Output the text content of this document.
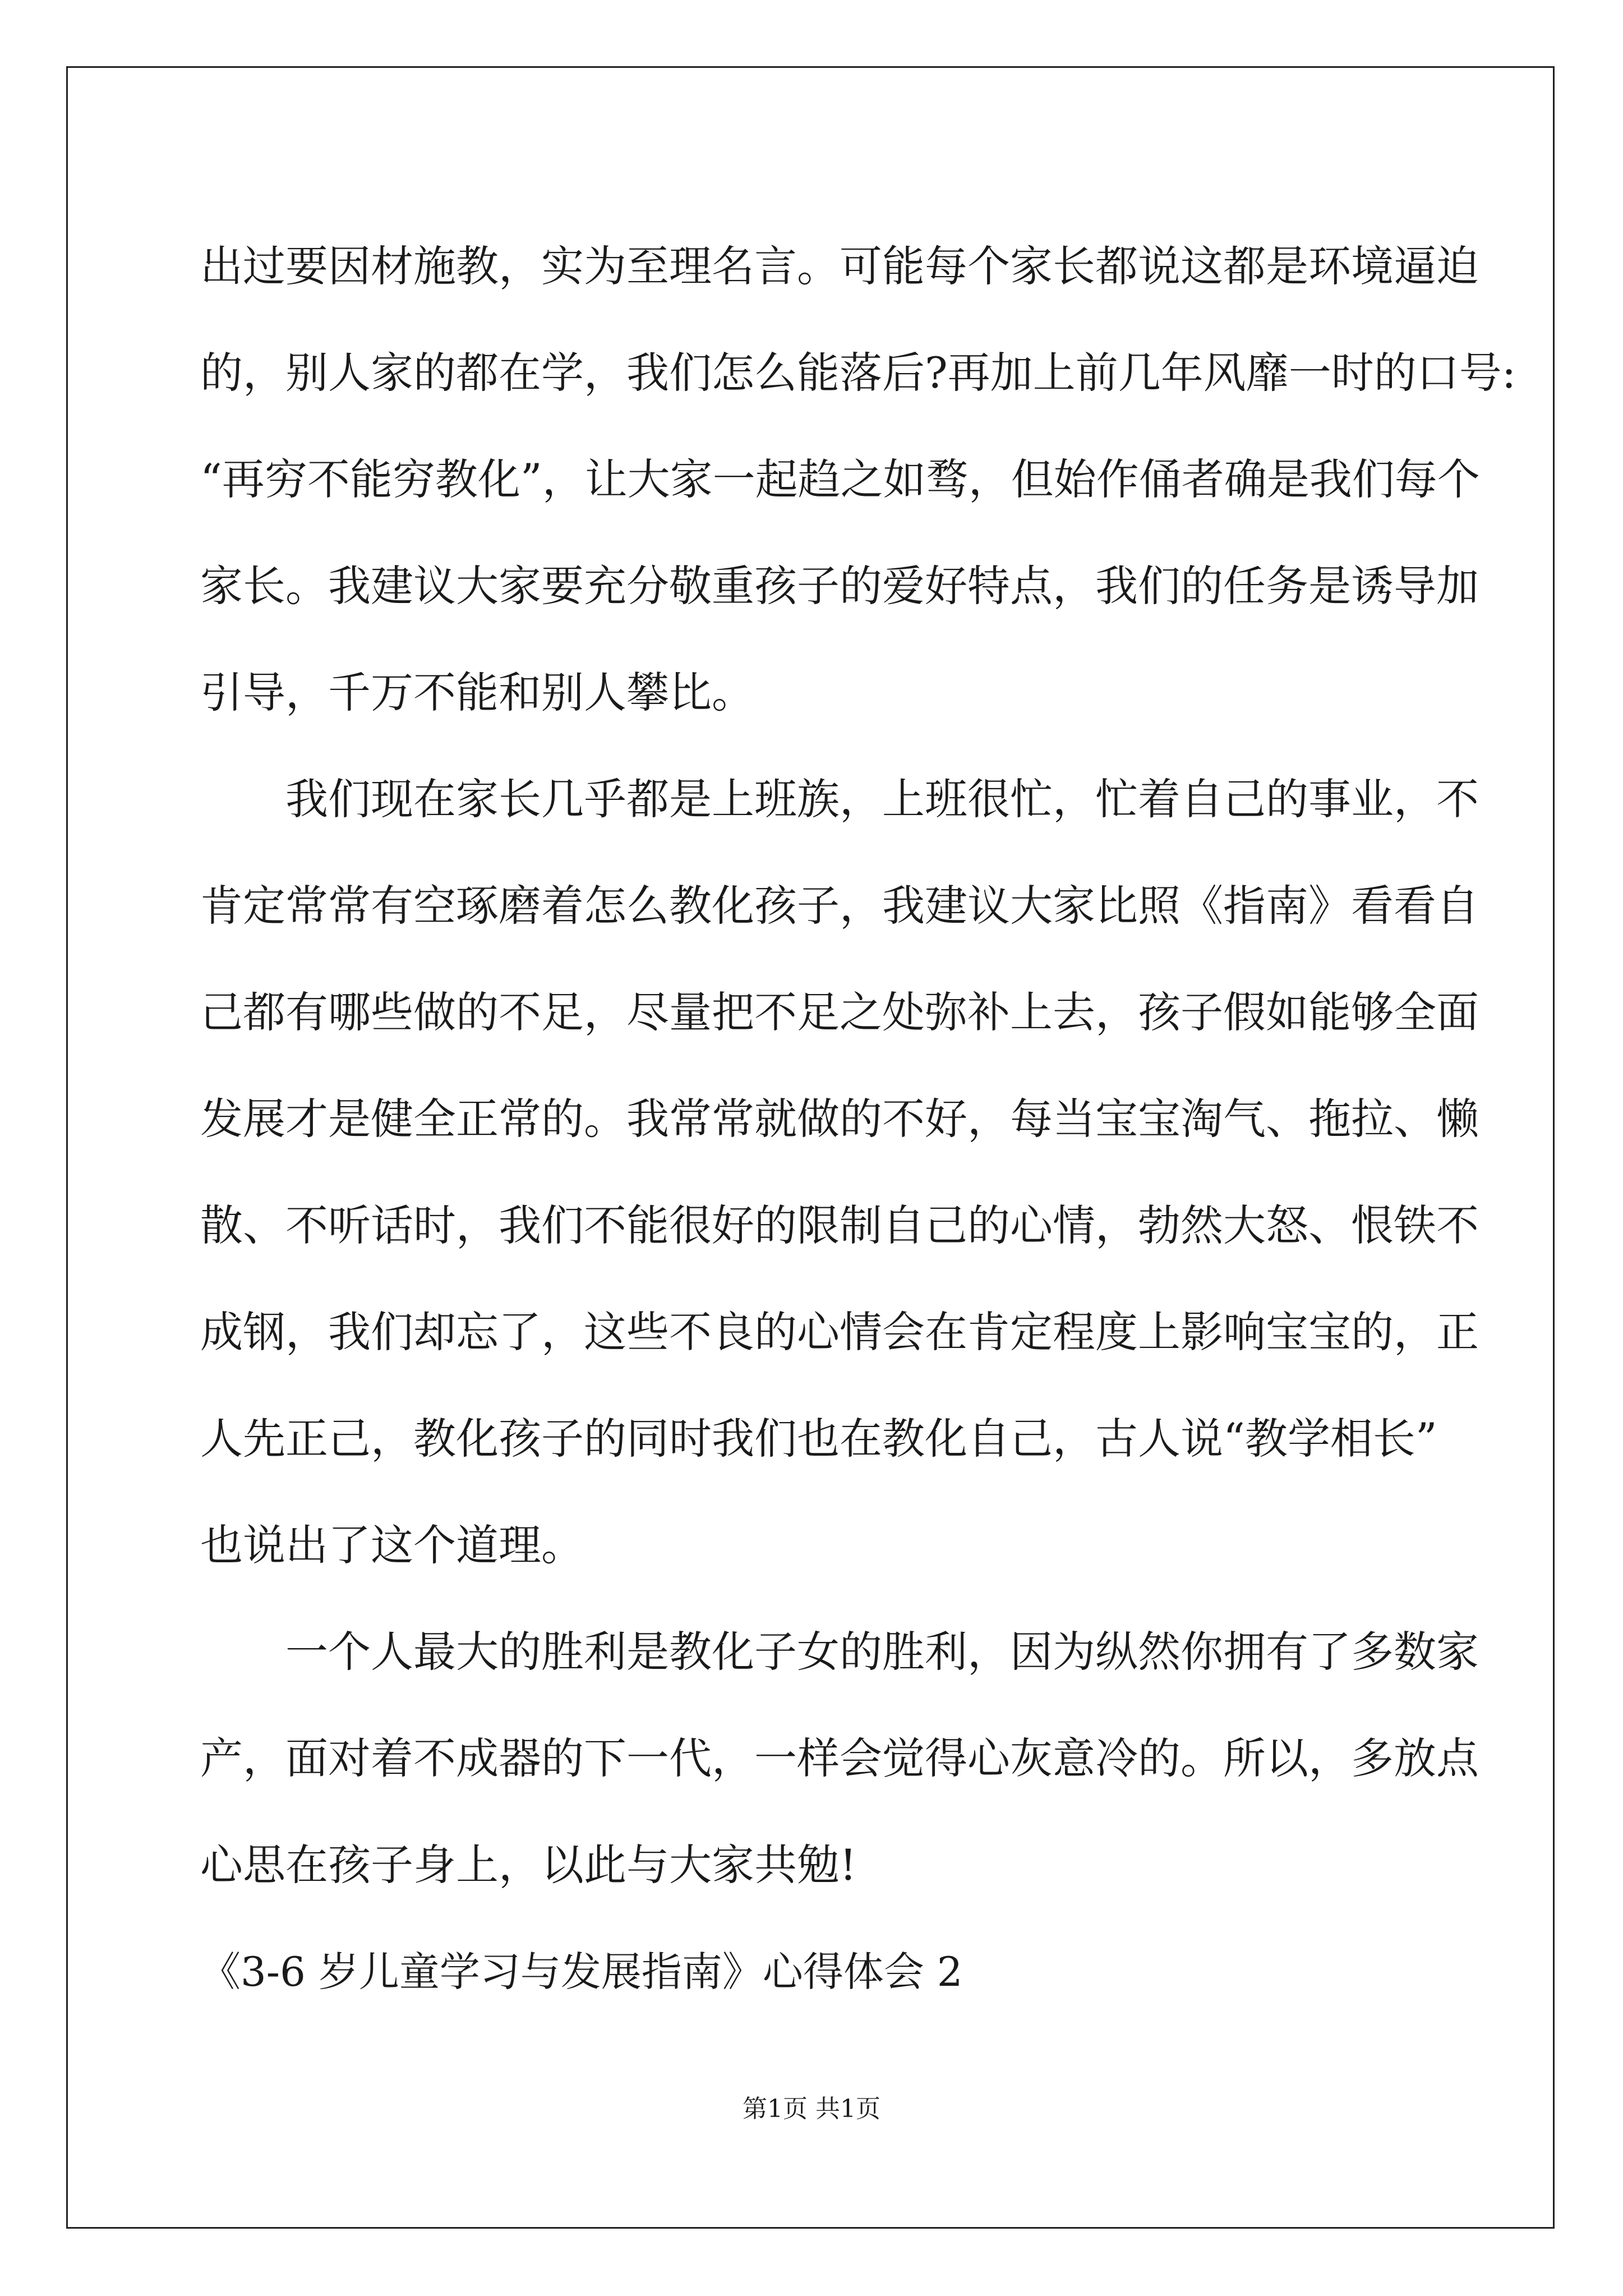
出过要因材施教，实为至理名言。可能每个家长都说这都是环境逼迫
的，别人家的都在学，我们怎么能落后?再加上前几年风靡一时的口号:
“再穷不能穷教化”，让大家一起趋之如骛，但始作俑者确是我们每个
家长。我建议大家要充分敬重孩子的爱好特点，我们的任务是诱导加
引导，千万不能和别人攀比。
我们现在家长几乎都是上班族，上班很忙，忙着自己的事业，不
肯定常常有空琢磨着怎么教化孩子，我建议大家比照《指南》看看自
己都有哪些做的不足，尽量把不足之处弥补上去，孩子假如能够全面
发展才是健全正常的。我常常就做的不好，每当宝宝淘气、拖拉、懒
散、不听话时，我们不能很好的限制自己的心情，勃然大怒、恨铁不
成钢，我们却忘了，这些不良的心情会在肯定程度上影响宝宝的，正
人先正己，教化孩子的同时我们也在教化自己，古人说“教学相长”
也说出了这个道理。
一个人最大的胜利是教化子女的胜利，因为纵然你拥有了多数家
产，面对着不成器的下一代，一样会觉得心灰意冷的。所以，多放点
心思在孩子身上，以此与大家共勉!
《3-6 岁儿童学习与发展指南》心得体会 2
第1页 共1页
